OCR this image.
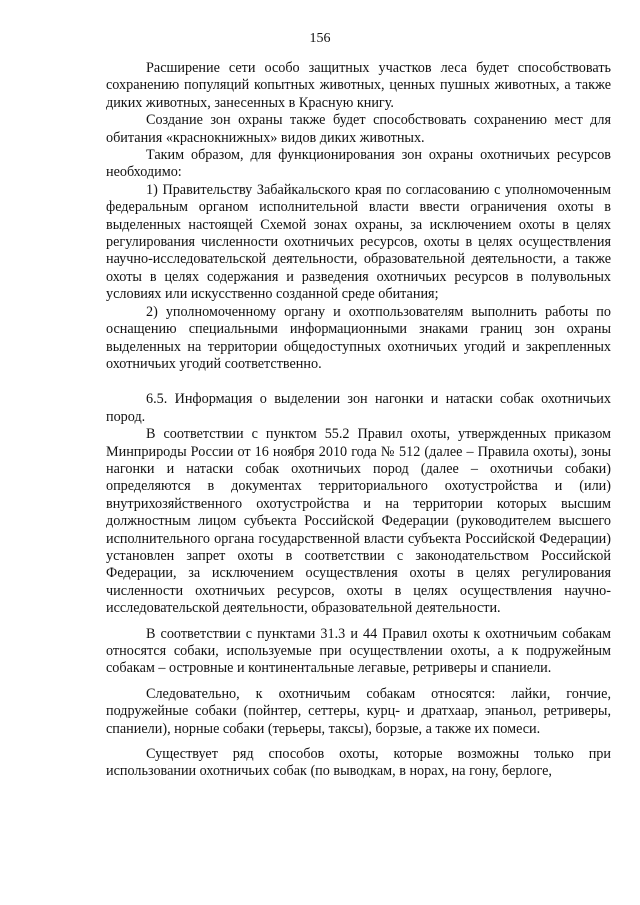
156

Расширение сети особо защитных участков леса будет способствовать сохранению популяций копытных животных, ценных пушных животных, а также диких животных, занесенных в Красную книгу.

Создание зон охраны также будет способствовать сохранению мест для обитания «краснокнижных» видов диких животных.

Таким образом, для функционирования зон охраны охотничьих ресурсов необходимо:

1) Правительству Забайкальского края по согласованию с уполномоченным федеральным органом исполнительной власти ввести ограничения охоты в выделенных настоящей Схемой зонах охраны, за исключением охоты в целях регулирования численности охотничьих ресурсов, охоты в целях осуществления научно-исследовательской деятельности, образовательной деятельности, а также охоты в целях содержания и разведения охотничьих ресурсов в полувольных условиях или искусственно созданной среде обитания;

2) уполномоченному органу и охотпользователям выполнить работы по оснащению специальными информационными знаками границ зон охраны выделенных на территории общедоступных охотничьих угодий и закрепленных охотничьих угодий соответственно.

6.5. Информация о выделении зон нагонки и натаски собак охотничьих пород.

В соответствии с пунктом 55.2 Правил охоты, утвержденных приказом Минприроды России от 16 ноября 2010 года № 512 (далее – Правила охоты), зоны нагонки и натаски собак охотничьих пород (далее – охотничьи собаки) определяются в документах территориального охотустройства и (или) внутрихозяйственного охотустройства и на территории которых высшим должностным лицом субъекта Российской Федерации (руководителем высшего исполнительного органа государственной власти субъекта Российской Федерации) установлен запрет охоты в соответствии с законодательством Российской Федерации, за исключением осуществления охоты в целях регулирования численности охотничьих ресурсов, охоты в целях осуществления научно-исследовательской деятельности, образовательной деятельности.

В соответствии с пунктами 31.3 и 44 Правил охоты к охотничьим собакам относятся собаки, используемые при осуществлении охоты, а к подружейным собакам – островные и континентальные легавые, ретриверы и спаниели.

Следовательно, к охотничьим собакам относятся: лайки, гончие, подружейные собаки (пойнтер, сеттеры, курц- и дратхаар, эпаньол, ретриверы, спаниели), норные собаки (терьеры, таксы), борзые, а также их помеси.

Существует ряд способов охоты, которые возможны только при использовании охотничьих собак (по выводкам, в норах, на гону, берлоге,
